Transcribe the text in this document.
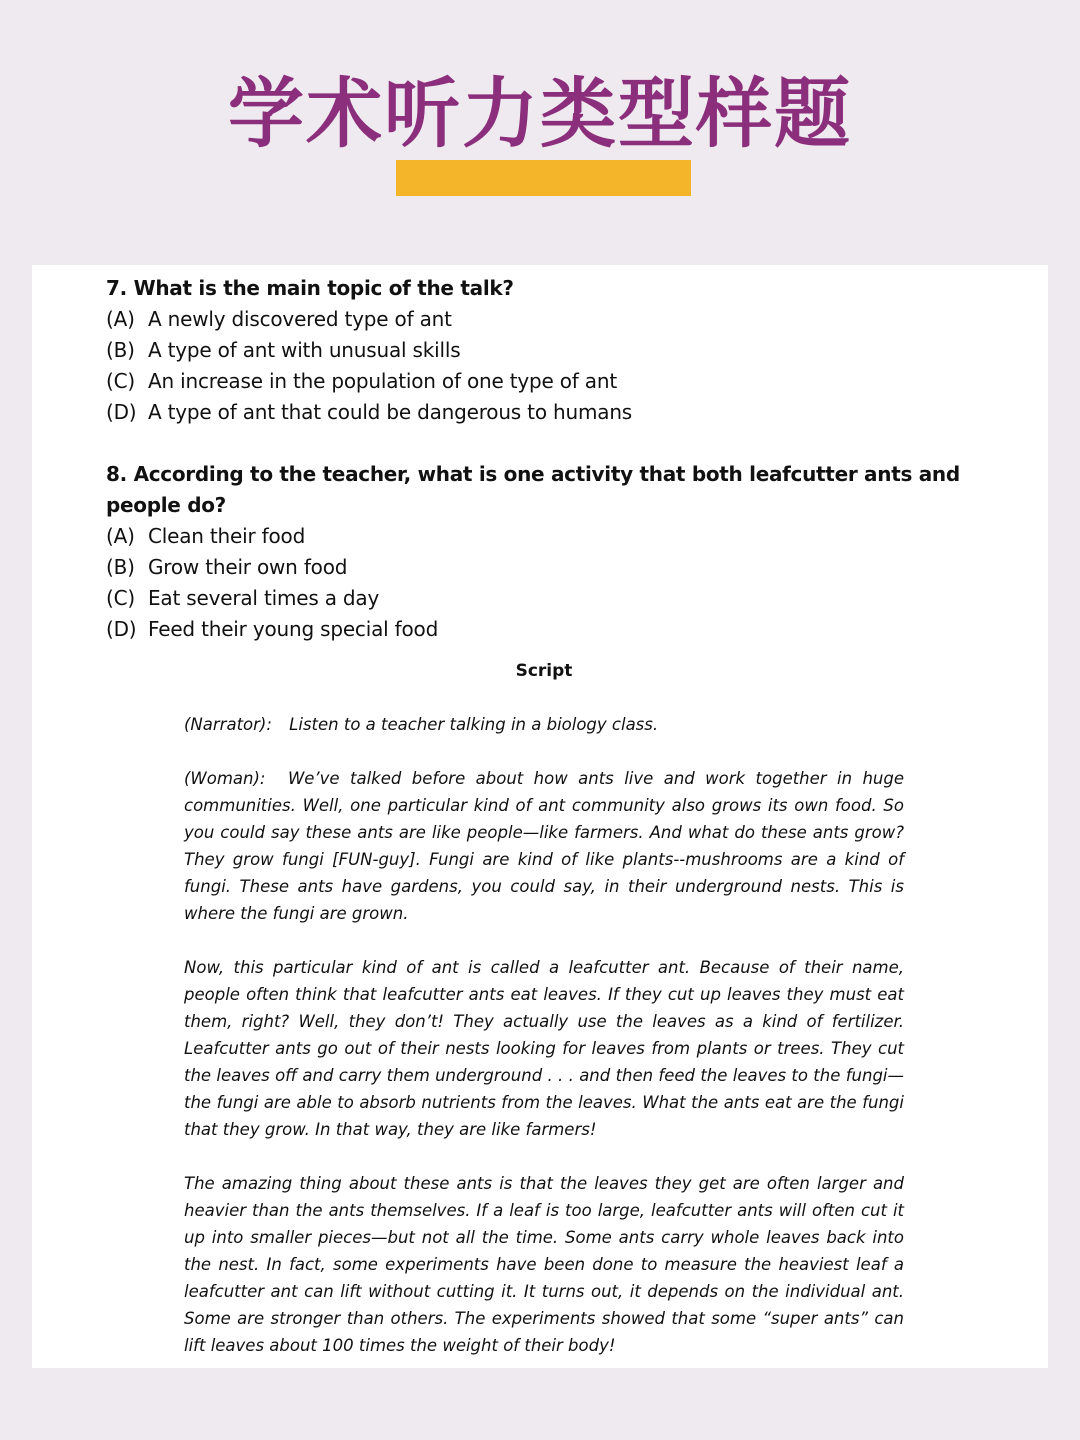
学术听力类型样题

7. What is the main topic of the talk?

(A) A newly discovered type of ant
(B) A type of ant with unusual skills
(C) An increase in the population of one type of ant
(D) A type of ant that could be dangerous to humans

8. According to the teacher, what is one activity that both leafcutter ants and people do?

(A) Clean their food
(B) Grow their own food
(C) Eat several times a day
(D) Feed their young special food
Script

(Narrator): Listen to a teacher talking in a biology class.

(Woman): We’ve talked before about how ants live and work together in huge communities. Well, one particular kind of ant community also grows its own food. So you could say these ants are like people—like farmers. And what do these ants grow? They grow fungi [FUN-guy]. Fungi are kind of like plants--mushrooms are a kind of fungi. These ants have gardens, you could say, in their underground nests. This is where the fungi are grown.

Now, this particular kind of ant is called a leafcutter ant. Because of their name, people often think that leafcutter ants eat leaves. If they cut up leaves they must eat them, right? Well, they don’t! They actually use the leaves as a kind of fertilizer. Leafcutter ants go out of their nests looking for leaves from plants or trees. They cut the leaves off and carry them underground . . . and then feed the leaves to the fungi—the fungi are able to absorb nutrients from the leaves. What the ants eat are the fungi that they grow. In that way, they are like farmers!

The amazing thing about these ants is that the leaves they get are often larger and heavier than the ants themselves. If a leaf is too large, leafcutter ants will often cut it up into smaller pieces—but not all the time. Some ants carry whole leaves back into the nest. In fact, some experiments have been done to measure the heaviest leaf a leafcutter ant can lift without cutting it. It turns out, it depends on the individual ant. Some are stronger than others. The experiments showed that some “super ants” can lift leaves about 100 times the weight of their body!
